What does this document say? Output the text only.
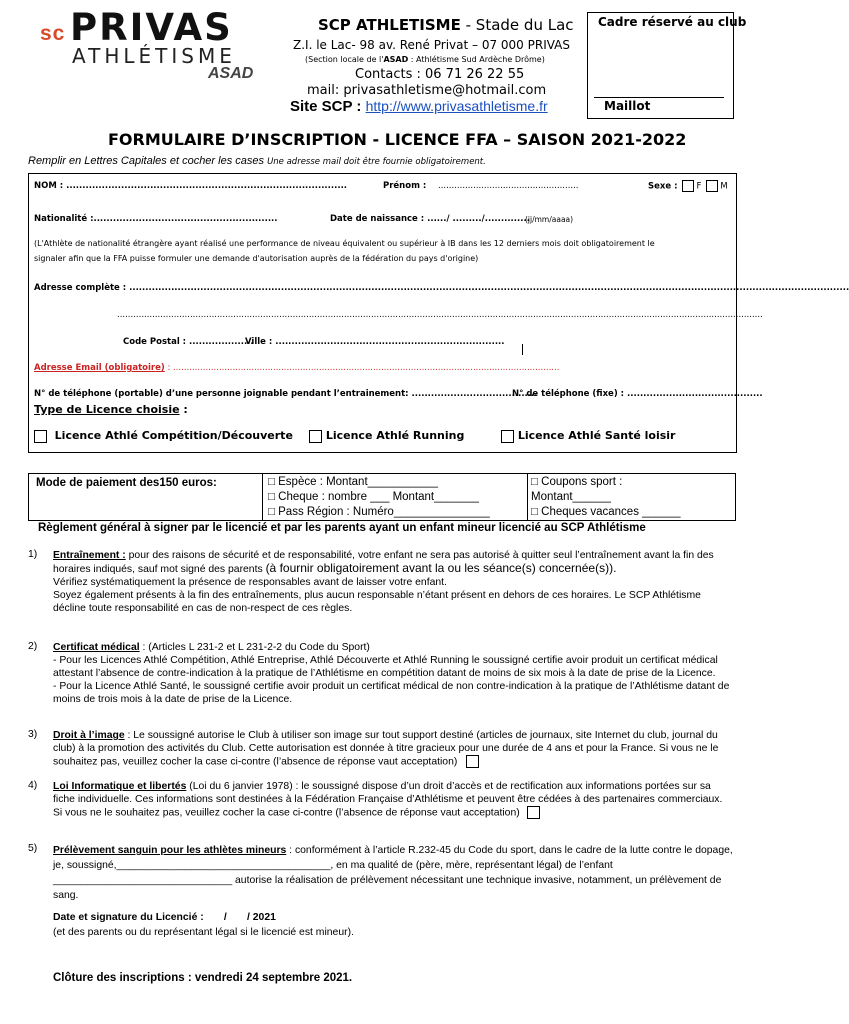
sc PRIVAS
ATHLÉTISME
ASAD
SCP ATHLETISME - Stade du Lac
Z.I. le Lac- 98 av. René Privat – 07 000 PRIVAS
(Section locale de l'ASAD : Athlétisme Sud Ardèche Drôme)
Contacts : 06 71 26 22 55
mail: privasathletisme@hotmail.com
Site SCP : http://www.privasathletisme.fr
Cadre réservé au club
Maillot
FORMULAIRE D’INSCRIPTION - LICENCE FFA – SAISON 2021-2022
Remplir en Lettres Capitales et cocher les cases Une adresse mail doit être fournie obligatoirement.
NOM : .......................................................................................	Prénom : ....................................................	Sexe : F M
Nationalité :.........................................................	Date de naissance : ....../ ........./..............
(jj/mm/aaaa)
(L'Athlète de nationalité étrangère ayant réalisé une performance de niveau équivalent ou supérieur à IB dans les 12 derniers mois doit obligatoirement le
signaler afin que la FFA puisse formuler une demande d'autorisation auprès de la fédération du pays d'origine)
Adresse complète : ...............................................................................................................................................................................................................................
...............................................................................................................................................................................................................................................
Code Postal : ....................
Ville : .......................................................................
Adresse Email (obligatoire) : ...............................................................................................................................................
N° de téléphone (portable) d’une personne joignable pendant l’entrainement: .......................................
N° de téléphone (fixe) : ..........................................
Type de Licence choisie :
Licence Athlé Compétition/Découverte	Licence Athlé Running	Licence Athlé Santé loisir
Mode de paiement des150 euros:	□ Espèce : Montant___________
□ Cheque : nombre ___ Montant_______
□ Pass Région : Numéro_______________
□ Coupons sport :
Montant______
□ Cheques vacances ______
Règlement général à signer par le licencié et par les parents ayant un enfant mineur licencié au SCP Athlétisme
1) Entraînement : pour des raisons de sécurité et de responsabilité, votre enfant ne sera pas autorisé à quitter seul l’entraînement avant la fin des horaires indiqués, sauf mot signé des parents (à fournir obligatoirement avant la ou les séance(s) concernée(s)).
Vérifiez systématiquement la présence de responsables avant de laisser votre enfant.
Soyez également présents à la fin des entraînements, plus aucun responsable n’étant présent en dehors de ces horaires. Le SCP Athlétisme décline toute responsabilité en cas de non-respect de ces règles.
2) Certificat médical : (Articles L 231-2 et L 231-2-2 du Code du Sport)
- Pour les Licences Athlé Compétition, Athlé Entreprise, Athlé Découverte et Athlé Running le soussigné certifie avoir produit un certificat médical attestant l’absence de contre-indication à la pratique de l’Athlétisme en compétition datant de moins de six mois à la date de prise de la Licence.
- Pour la Licence Athlé Santé, le soussigné certifie avoir produit un certificat médical de non contre-indication à la pratique de l’Athlétisme datant de moins de trois mois à la date de prise de la Licence.
3) Droit à l’image : Le soussigné autorise le Club à utiliser son image sur tout support destiné (articles de journaux, site Internet du club, journal du club) à la promotion des activités du Club. Cette autorisation est donnée à titre gracieux pour une durée de 4 ans et pour la France. Si vous ne le souhaitez pas, veuillez cocher la case ci-contre (l’absence de réponse vaut acceptation)
4) Loi Informatique et libertés (Loi du 6 janvier 1978) : le soussigné dispose d’un droit d’accès et de rectification aux informations portées sur sa fiche individuelle. Ces informations sont destinées à la Fédération Française d’Athlétisme et peuvent être cédées à des partenaires commerciaux.
Si vous ne le souhaitez pas, veuillez cocher la case ci-contre (l’absence de réponse vaut acceptation)
5) Prélèvement sanguin pour les athlètes mineurs : conformément à l’article R.232-45 du Code du sport, dans le cadre de la lutte contre le dopage, je, soussigné,_____________________________________, en ma qualité de (père, mère, représentant légal) de l’enfant _______________________________ autorise la réalisation de prélèvement nécessitant une technique invasive, notamment, un prélèvement de sang.
Date et signature du Licencié :       /       / 2021
(et des parents ou du représentant légal si le licencié est mineur).
Clôture des inscriptions : vendredi 24 septembre 2021.
